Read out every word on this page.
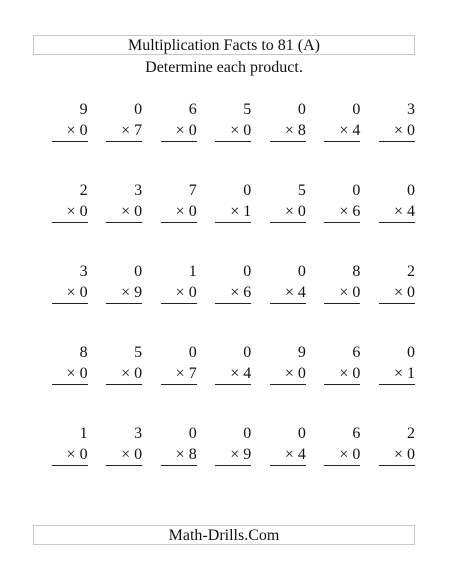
Multiplication Facts to 81 (A)
Determine each product.
9
× 0
0
× 7
6
× 0
5
× 0
0
× 8
0
× 4
3
× 0
2
× 0
3
× 0
7
× 0
0
× 1
5
× 0
0
× 6
0
× 4
3
× 0
0
× 9
1
× 0
0
× 6
0
× 4
8
× 0
2
× 0
8
× 0
5
× 0
0
× 7
0
× 4
9
× 0
6
× 0
0
× 1
1
× 0
3
× 0
0
× 8
0
× 9
0
× 4
6
× 0
2
× 0
Math-Drills.Com
